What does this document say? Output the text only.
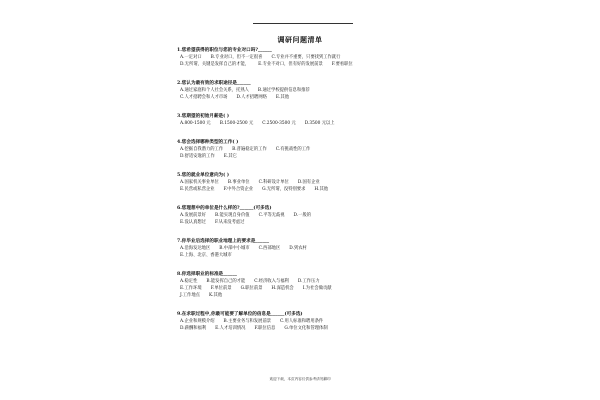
调研问题清单
1.您希望获得的职位与您的专业对口吗?______
A.一定对口 B.专业对口，但不一定很喜 C.专业并不重要，只要找到工作就行
D.无所谓，关键是发挥自己的才能， E.专业不对口，但有好的发展前景 F.要看职位
2.您认为最有效的求职途径是______
A.通过家庭和个人社会关系，托熟人 B.通过学校提供信息和推荐
C.人才招聘会和人才市场 D.人才招聘网络 E.其他
3.您期望的初始月薪是( )
A.800-1500 元 B.1500-2500 元 C.2500-3500 元 D.3500 元以上
4.您会选择哪种类型的工作( )
A.挖掘自我潜力的工作 B.普遍稳定的工作 C.有挑战性的工作
D.舒适安逸的工作 E.其它
5.您的就业单位意向为( )
A.国家机关事业单位 B.事业单位 C.科研设计单位 D.国有企业
E.民营或私营企业 F.中外合资企业 G.无所谓，没特别要求 H.其他
6.您理想中的单位是什么样的?______(可多选)
A.发展前景好 B.能实现自身价值 C.平等无歧视 D.一般的
E.没认真想过 F.从来没考虑过
7.你毕业后选择的职业地理上的要求是______
A.沿海发达地区 B.中部中小城市 C.西部地区 D.到农村
E.上海、北京、香港大城市
8.你选择职业的标准是______
A.稳定性 B.能发挥自己的才能 C.经济收入与福利 D.工作压力
E.工作环境 F.单位前景 G.职位前景 H.深造机会 I.为社会做贡献
J.工作地点 K.其他
9.在求职过程中,你最可能要了解单位的信息是______(可多选)
A.企业和规模介绍 B.主要业务与和发展前景 C.用人标准和聘用条件
D.薪酬和福利 E.人才培训情况 F.职位信息 G.单位文化和管理体制
欢迎下载，本页内容仅供参考请勿翻印
